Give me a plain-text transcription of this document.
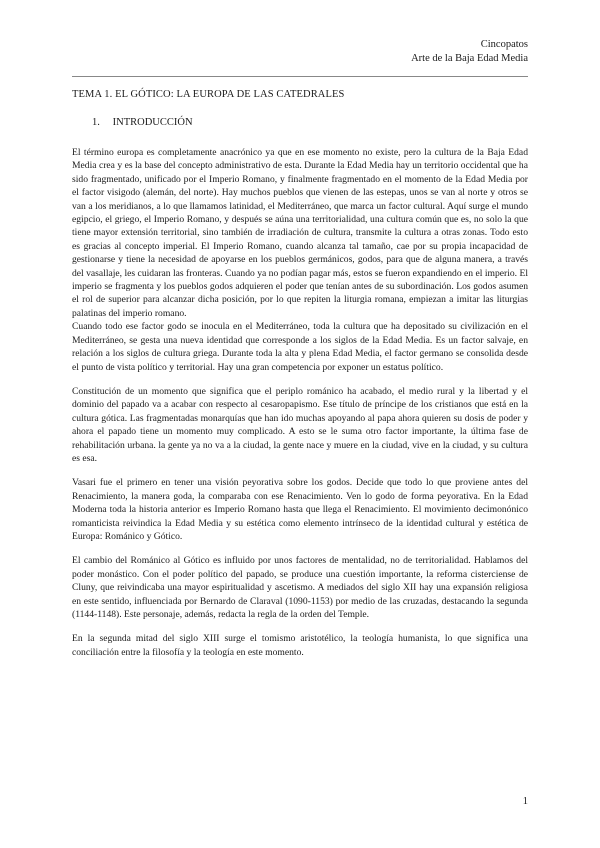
Cincopatos
Arte de la Baja Edad Media
TEMA 1. EL GÓTICO: LA EUROPA DE LAS CATEDRALES
1. INTRODUCCIÓN

El término europa es completamente anacrónico ya que en ese momento no existe, pero la cultura de la Baja Edad Media crea y es la base del concepto administrativo de esta. Durante la Edad Media hay un territorio occidental que ha sido fragmentado, unificado por el Imperio Romano, y finalmente fragmentado en el momento de la Edad Media por el factor visigodo (alemán, del norte). Hay muchos pueblos que vienen de las estepas, unos se van al norte y otros se van a los meridianos, a lo que llamamos latinidad, el Mediterráneo, que marca un factor cultural. Aquí surge el mundo egipcio, el griego, el Imperio Romano, y después se aúna una territorialidad, una cultura común que es, no solo la que tiene mayor extensión territorial, sino también de irradiación de cultura, transmite la cultura a otras zonas. Todo esto es gracias al concepto imperial. El Imperio Romano, cuando alcanza tal tamaño, cae por su propia incapacidad de gestionarse y tiene la necesidad de apoyarse en los pueblos germánicos, godos, para que de alguna manera, a través del vasallaje, les cuidaran las fronteras. Cuando ya no podían pagar más, estos se fueron expandiendo en el imperio. El imperio se fragmenta y los pueblos godos adquieren el poder que tenían antes de su subordinación. Los godos asumen el rol de superior para alcanzar dicha posición, por lo que repiten la liturgia romana, empiezan a imitar las liturgias palatinas del imperio romano.

Cuando todo ese factor godo se inocula en el Mediterráneo, toda la cultura que ha depositado su civilización en el Mediterráneo, se gesta una nueva identidad que corresponde a los siglos de la Edad Media. Es un factor salvaje, en relación a los siglos de cultura griega. Durante toda la alta y plena Edad Media, el factor germano se consolida desde el punto de vista político y territorial. Hay una gran competencia por exponer un estatus político.

Constitución de un momento que significa que el periplo románico ha acabado, el medio rural y la libertad y el dominio del papado va a acabar con respecto al cesaropapismo. Ese título de príncipe de los cristianos que está en la cultura gótica. Las fragmentadas monarquías que han ido muchas apoyando al papa ahora quieren su dosis de poder y ahora el papado tiene un momento muy complicado. A esto se le suma otro factor importante, la última fase de rehabilitación urbana. la gente ya no va a la ciudad, la gente nace y muere en la ciudad, vive en la ciudad, y su cultura es esa.

Vasari fue el primero en tener una visión peyorativa sobre los godos. Decide que todo lo que proviene antes del Renacimiento, la manera goda, la comparaba con ese Renacimiento. Ven lo godo de forma peyorativa. En la Edad Moderna toda la historia anterior es Imperio Romano hasta que llega el Renacimiento. El movimiento decimonónico romanticista reivindica la Edad Media y su estética como elemento intrínseco de la identidad cultural y estética de Europa: Románico y Gótico.

El cambio del Románico al Gótico es influido por unos factores de mentalidad, no de territorialidad. Hablamos del poder monástico. Con el poder político del papado, se produce una cuestión importante, la reforma cisterciense de Cluny, que reivindicaba una mayor espiritualidad y ascetismo. A mediados del siglo XII hay una expansión religiosa en este sentido, influenciada por Bernardo de Claraval (1090-1153) por medio de las cruzadas, destacando la segunda (1144-1148). Este personaje, además, redacta la regla de la orden del Temple.

En la segunda mitad del siglo XIII surge el tomismo aristotélico, la teología humanista, lo que significa una conciliación entre la filosofía y la teología en este momento.

1
